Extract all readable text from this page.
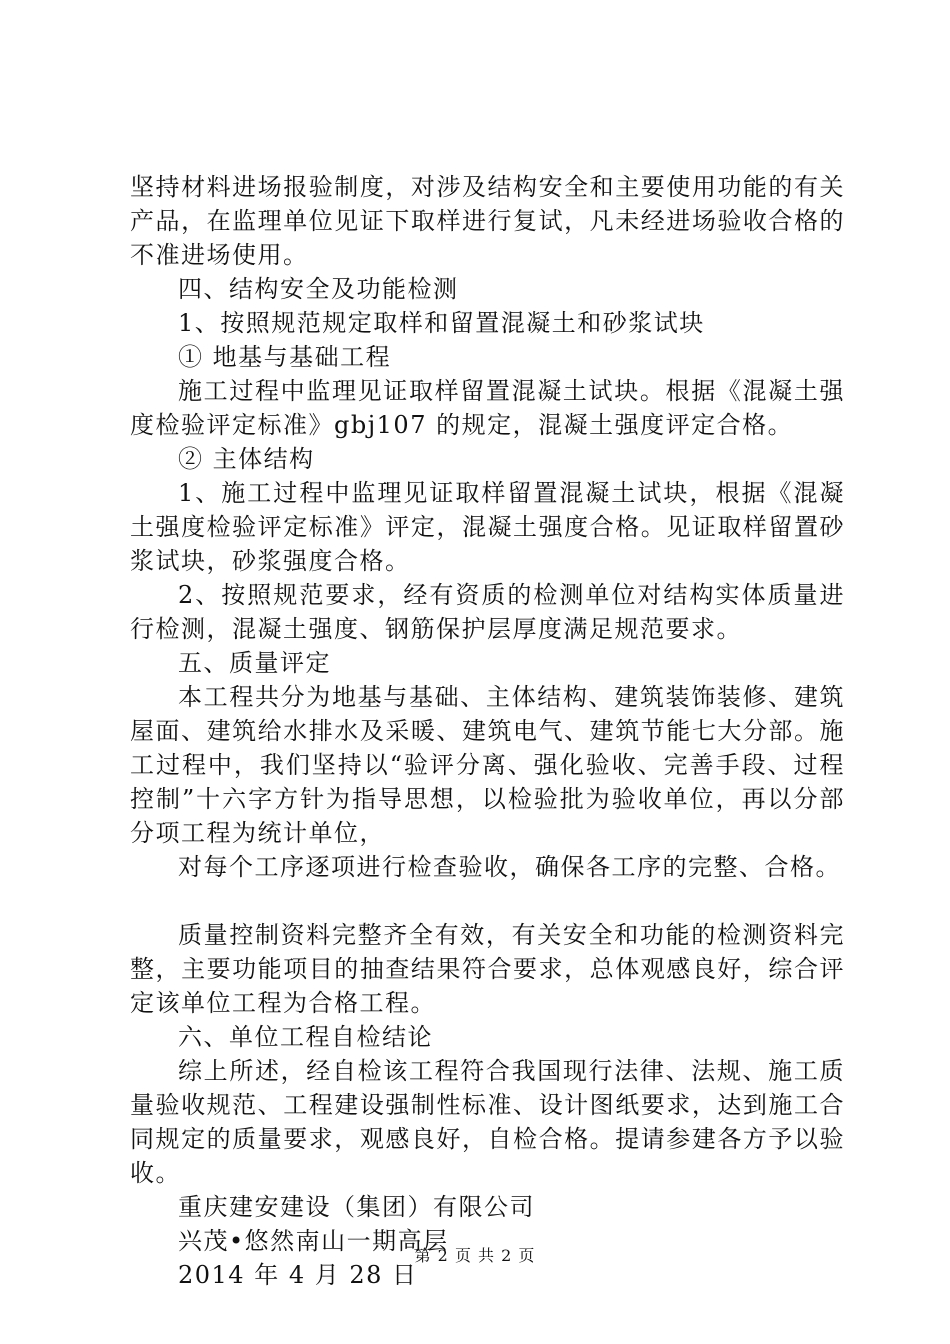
坚持材料进场报验制度，对涉及结构安全和主要使用功能的有关产品，在监理单位见证下取样进行复试，凡未经进场验收合格的不准进场使用。

四、结构安全及功能检测

1、按照规范规定取样和留置混凝土和砂浆试块

① 地基与基础工程

施工过程中监理见证取样留置混凝土试块。根据《混凝土强度检验评定标准》gbj107 的规定，混凝土强度评定合格。

② 主体结构

1、施工过程中监理见证取样留置混凝土试块，根据《混凝土强度检验评定标准》评定，混凝土强度合格。见证取样留置砂浆试块，砂浆强度合格。

2、按照规范要求，经有资质的检测单位对结构实体质量进行检测，混凝土强度、钢筋保护层厚度满足规范要求。

五、质量评定

本工程共分为地基与基础、主体结构、建筑装饰装修、建筑屋面、建筑给水排水及采暖、建筑电气、建筑节能七大分部。施工过程中，我们坚持以“验评分离、强化验收、完善手段、过程控制”十六字方针为指导思想，以检验批为验收单位，再以分部分项工程为统计单位，

对每个工序逐项进行检查验收，确保各工序的完整、合格。

质量控制资料完整齐全有效，有关安全和功能的检测资料完整，主要功能项目的抽查结果符合要求，总体观感良好，综合评定该单位工程为合格工程。

六、单位工程自检结论

综上所述，经自检该工程符合我国现行法律、法规、施工质量验收规范、工程建设强制性标准、设计图纸要求，达到施工合同规定的质量要求，观感良好，自检合格。提请参建各方予以验收。

重庆建安建设（集团）有限公司

兴茂•悠然南山一期高层

2014 年 4 月 28 日

第 2 页 共 2 页
